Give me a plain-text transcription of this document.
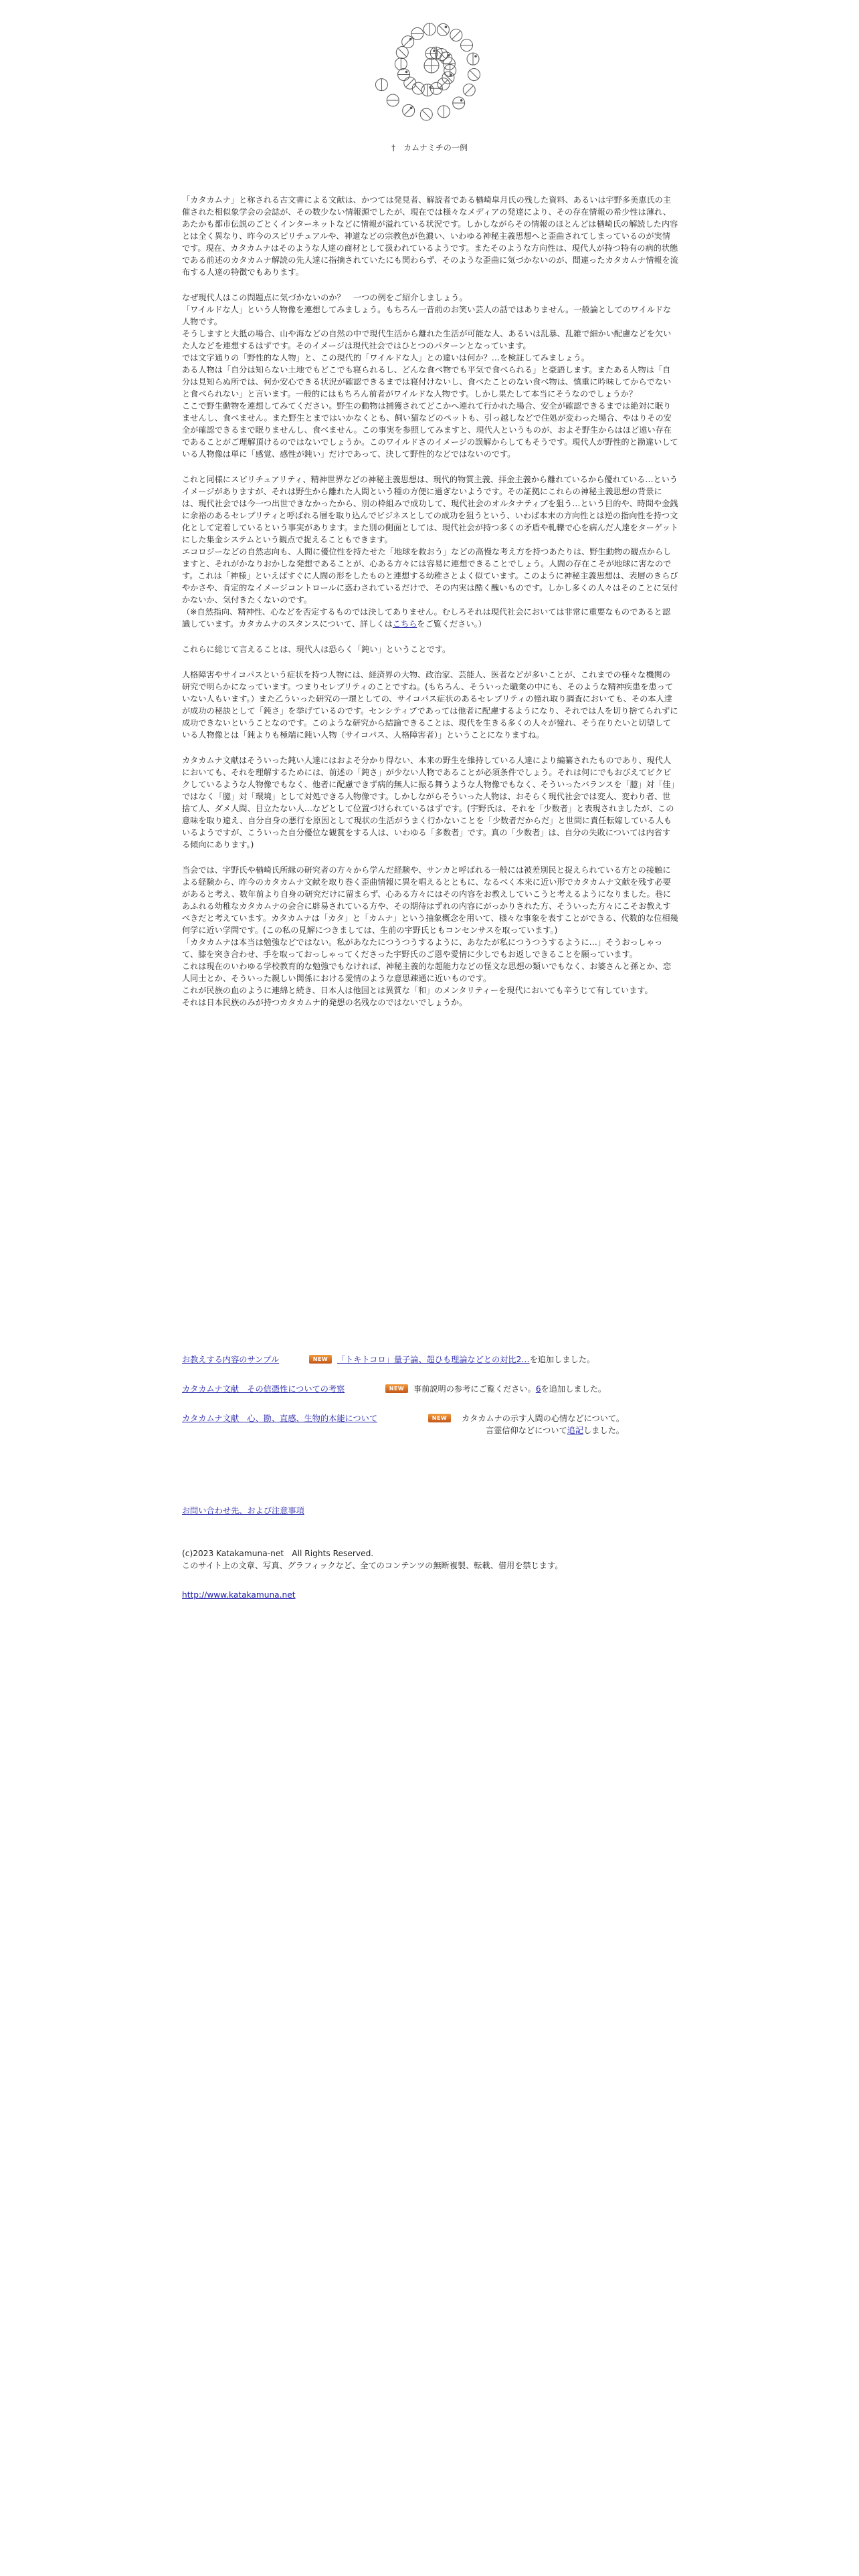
†　カムナミチの一例

「カタカムナ」と称される古文書による文献は、かつては発見者、解読者である楢崎皐月氏の残した資料、あるいは宇野多美恵氏の主催された相似象学会の会誌が、その数少ない情報源でしたが、現在では様々なメディアの発達により、その存在情報の希少性は薄れ、あたかも都市伝説のごとくインターネットなどに情報が溢れている状況です。しかしながらその情報のほとんどは楢崎氏の解読した内容とは全く異なり、昨今のスピリチュアルや、神道などの宗教色が色濃い、いわゆる神秘主義思想へと歪曲されてしまっているのが実情です。現在、カタカムナはそのような人達の商材として扱われているようです。またそのような方向性は、現代人が持つ特有の病的状態である前述のカタカムナ解読の先人達に指摘されていたにも関わらず、そのような歪曲に気づかないのが、間違ったカタカムナ情報を流布する人達の特徴でもあります。

なぜ現代人はこの問題点に気づかないのか？　一つの例をご紹介しましょう。
「ワイルドな人」という人物像を連想してみましょう。もちろん一昔前のお笑い芸人の話ではありません。一般論としてのワイルドな人物です。
そうしますと大抵の場合、山や海などの自然の中で現代生活から離れた生活が可能な人、あるいは乱暴、乱雑で細かい配慮などを欠いた人などを連想するはずです。そのイメージは現代社会ではひとつのパターンとなっています。
では文字通りの「野性的な人物」と、この現代的「ワイルドな人」との違いは何か？…を検証してみましょう。
ある人物は「自分は知らない土地でもどこでも寝られるし、どんな食べ物でも平気で食べられる」と豪語します。またある人物は「自分は見知らぬ所では、何か安心できる状況が確認できるまでは寝付けないし、食べたことのない食べ物は、慎重に吟味してからでないと食べられない」と言います。一般的にはもちろん前者がワイルドな人物です。しかし果たして本当にそうなのでしょうか？
ここで野生動物を連想してみてください。野生の動物は捕獲されてどこかへ連れて行かれた場合、安全が確認できるまでは絶対に眠りませんし、食べません。また野生とまではいかなくとも、飼い猫などのペットも、引っ越しなどで住処が変わった場合、やはりその安全が確認できるまで眠りませんし、食べません。この事実を参照してみますと、現代人というものが、およそ野生からはほど遠い存在であることがご理解頂けるのではないでしょうか。このワイルドさのイメージの誤解からしてもそうです。現代人が野性的と勘違いしている人物像は単に「感覚、感性が鈍い」だけであって、決して野性的などではないのです。

これと同様にスピリチュアリティ、精神世界などの神秘主義思想は、現代的物質主義、拝金主義から離れているから優れている…というイメージがありますが、それは野生から離れた人間という種の方便に過ぎないようです。その証拠にこれらの神秘主義思想の背景には、現代社会では今一つ出世できなかったから、別の枠組みで成功して、現代社会のオルタナティブを狙う…という目的や、時間や金銭に余裕のあるセレブリティと呼ばれる層を取り込んでビジネスとしての成功を狙うという、いわば本末の方向性とは逆の指向性を持つ文化として定着しているという事実があります。また別の側面としては、現代社会が持つ多くの矛盾や軋轢で心を病んだ人達をターゲットにした集金システムという観点で捉えることもできます。
エコロジーなどの自然志向も、人間に優位性を持たせた「地球を救おう」などの高慢な考え方を持つあたりは、野生動物の観点からしますと、それがかなりおかしな発想であることが、心ある方々には容易に連想できることでしょう。人間の存在こそが地球に害なのです。これは「神様」といえばすぐに人間の形をしたものと連想する幼稚さとよく似ています。このように神秘主義思想は、表層のきらびやかさや、肯定的なイメージコントロールに惑わされているだけで、その内実は酷く醜いものです。しかし多くの人々はそのことに気付かないか、気付きたくないのです。
（※自然指向、精神性、心などを否定するものでは決してありません。むしろそれは現代社会においては非常に重要なものであると認識しています。カタカムナのスタンスについて、詳しくはこちらをご覧ください。）

これらに総じて言えることは、現代人は恐らく「鈍い」ということです。

人格障害やサイコパスという症状を持つ人物には、経済界の大物、政治家、芸能人、医者などが多いことが、これまでの様々な機関の研究で明らかになっています。つまりセレブリティのことですね。(もちろん、そういった職業の中にも、そのような精神疾患を患っていない人もいます。）また乙ういった研究の一環としての、サイコパス症状のあるセレブリティの憧れ取り調査においても、その本人達が成功の秘訣として「鈍さ」を挙げているのです。センシティブであっては他者に配慮するようになり、それでは人を切り捨てられずに成功できないということなのです。このような研究から結論できることは、現代を生きる多くの人々が憧れ、そう在りたいと切望している人物像とは「鈍よりも極端に鈍い人物（サイコパス、人格障害者）」ということになりますね。

カタカムナ文献はそういった鈍い人達にはおよそ分かり得ない、本来の野生を維持している人達により編纂されたものであり、現代人においても、それを理解するためには、前述の「鈍さ」が少ない人物であることが必須条件でしょう。それは何にでもおびえてビクビクしているような人物像でもなく、他者に配慮できず病的無人に振る舞うような人物像でもなく、そういったバランスを「臆」対「佳」ではなく「臆」対「環境」として対処できる人物像です。しかしながらそういった人物は、おそらく現代社会では変人、変わり者、世捨て人、ダメ人間、目立たない人…などとして位置づけられているはずです。(宇野氏は、それを「少数者」と表現されましたが、この意味を取り違え、自分自身の悪行を原因として現状の生活がうまく行かないことを「少数者だからだ」と世間に責任転嫁している人もいるようですが、こういった自分優位な観賞をする人は、いわゆる「多数者」です。真の「少数者」は、自分の失敗については内省する傾向にあります。)

当会では、宇野氏や楢崎氏所縁の研究者の方々から学んだ経験や、サンカと呼ばれる一般には被差別民と捉えられている方との接触による経験から、昨今のカタカムナ文献を取り巻く歪曲情報に異を唱えるとともに、なるべく本来に近い形でカタカムナ文献を残す必要があると考え、数年前より自身の研究だけに留まらず、心ある方々にはその内容をお教えしていこうと考えるようになりました。巷にあふれる幼稚なカタカムナの会合に辟易されている方や、その期待はずれの内容にがっかりされた方、そういった方々にこそお教えすべきだと考えています。カタカムナは「カタ」と「カムナ」という抽象概念を用いて、様々な事象を表すことができる、代数的な位相幾何学に近い学問です。(この私の見解につきましては、生前の宇野氏ともコンセンサスを取っています。)
「カタカムナは本当は勉強などではない。私があなたにつうつうするように、あなたが私につうつうするように…」そうおっしゃって、膝を突き合わせ、手を取っておっしゃってくださった宇野氏のご恩や愛情に少しでもお返しできることを願っています。
これは現在のいわゆる学校教育的な勉強でもなければ、神秘主義的な超能力などの怪文な思想の類いでもなく、お婆さんと孫とか、恋人同士とか、そういった親しい関係における愛情のような意思疎通に近いものです。
これが民族の血のように連綿と続き、日本人は他国とは異質な「和」のメンタリティーを現代においても辛うじて有しています。
それは日本民族のみが持つカタカムナ的発想の名残なのではないでしょうか。

お教えする内容のサンプル	NEW	「トキトコロ」量子論、超ひも理論などとの対比2…を追加しました。
カタカムナ文献　その信憑性についての考察	NEW	事前説明の参考にご覧ください。6を追加しました。
カタカムナ文献　心、勘、直感、生物的本能について	NEW	カタカムナの示す人間の心情などについて。
言霊信仰などについて追記しました。
お問い合わせ先、および注意事項
(c)2023 Katakamuna-net　All Rights Reserved.
このサイト上の文章、写真、グラフィックなど、全てのコンテンツの無断複製、転載、借用を禁じます。
http://www.katakamuna.net
